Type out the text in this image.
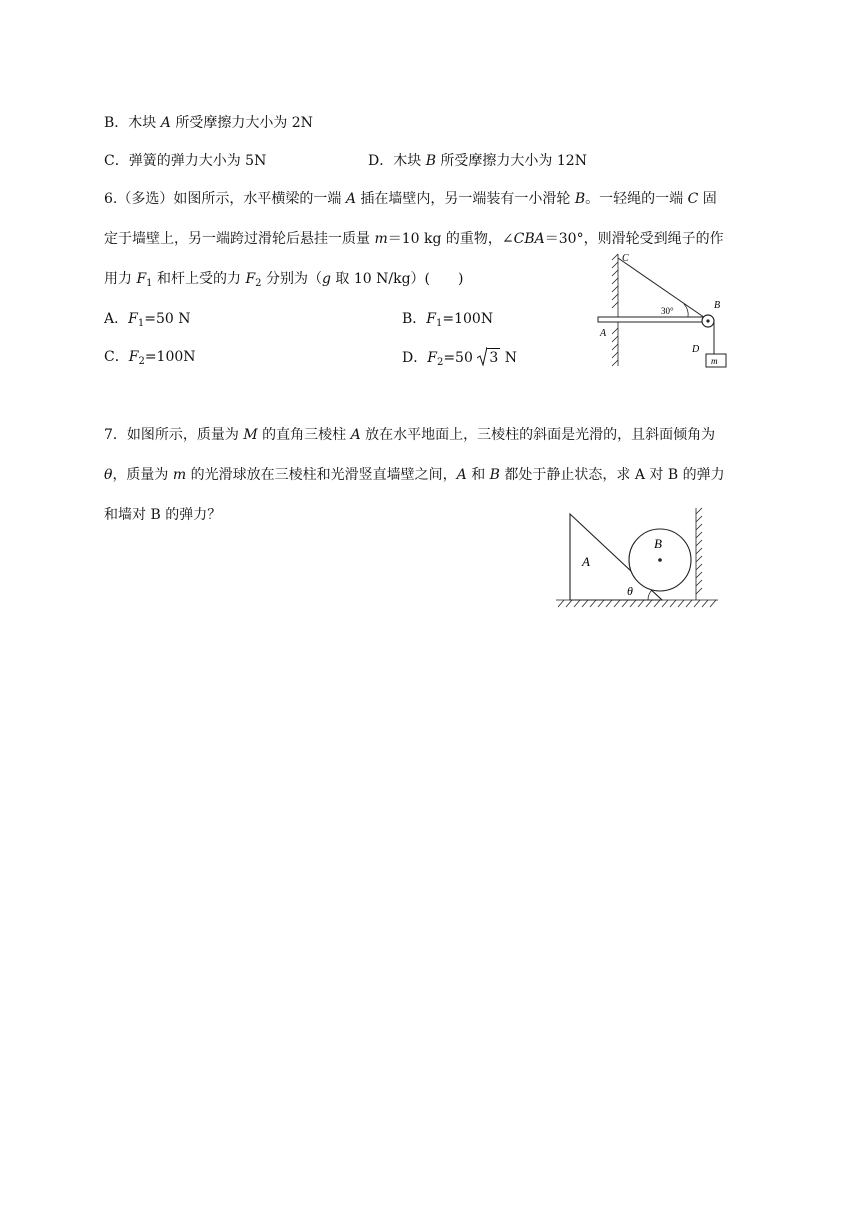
B．木块 A 所受摩擦力大小为 2N
C．弹簧的弹力大小为 5N	D．木块 B 所受摩擦力大小为 12N
6.（多选）如图所示，水平横梁的一端 A 插在墙壁内，另一端装有一小滑轮 B。一轻绳的一端 C 固
定于墙壁上，另一端跨过滑轮后悬挂一质量 m＝10 kg 的重物，∠CBA＝30°，则滑轮受到绳子的作
用力 $F_1$ 和杆上受的力 $F_2$ 分别为（g 取 10 N/kg）(　　)
A．$F_1=50$ N	B．$F_1=100N$
C．$F_2=100N$	D．$F_2=50$ 3 N
C
A
B
D
m
30°
7．如图所示，质量为 M 的直角三棱柱 A 放在水平地面上，三棱柱的斜面是光滑的，且斜面倾角为
θ，质量为 m 的光滑球放在三棱柱和光滑竖直墙壁之间，A 和 B 都处于静止状态，求 A 对 B 的弹力
和墙对 B 的弹力？
A
B
θ
